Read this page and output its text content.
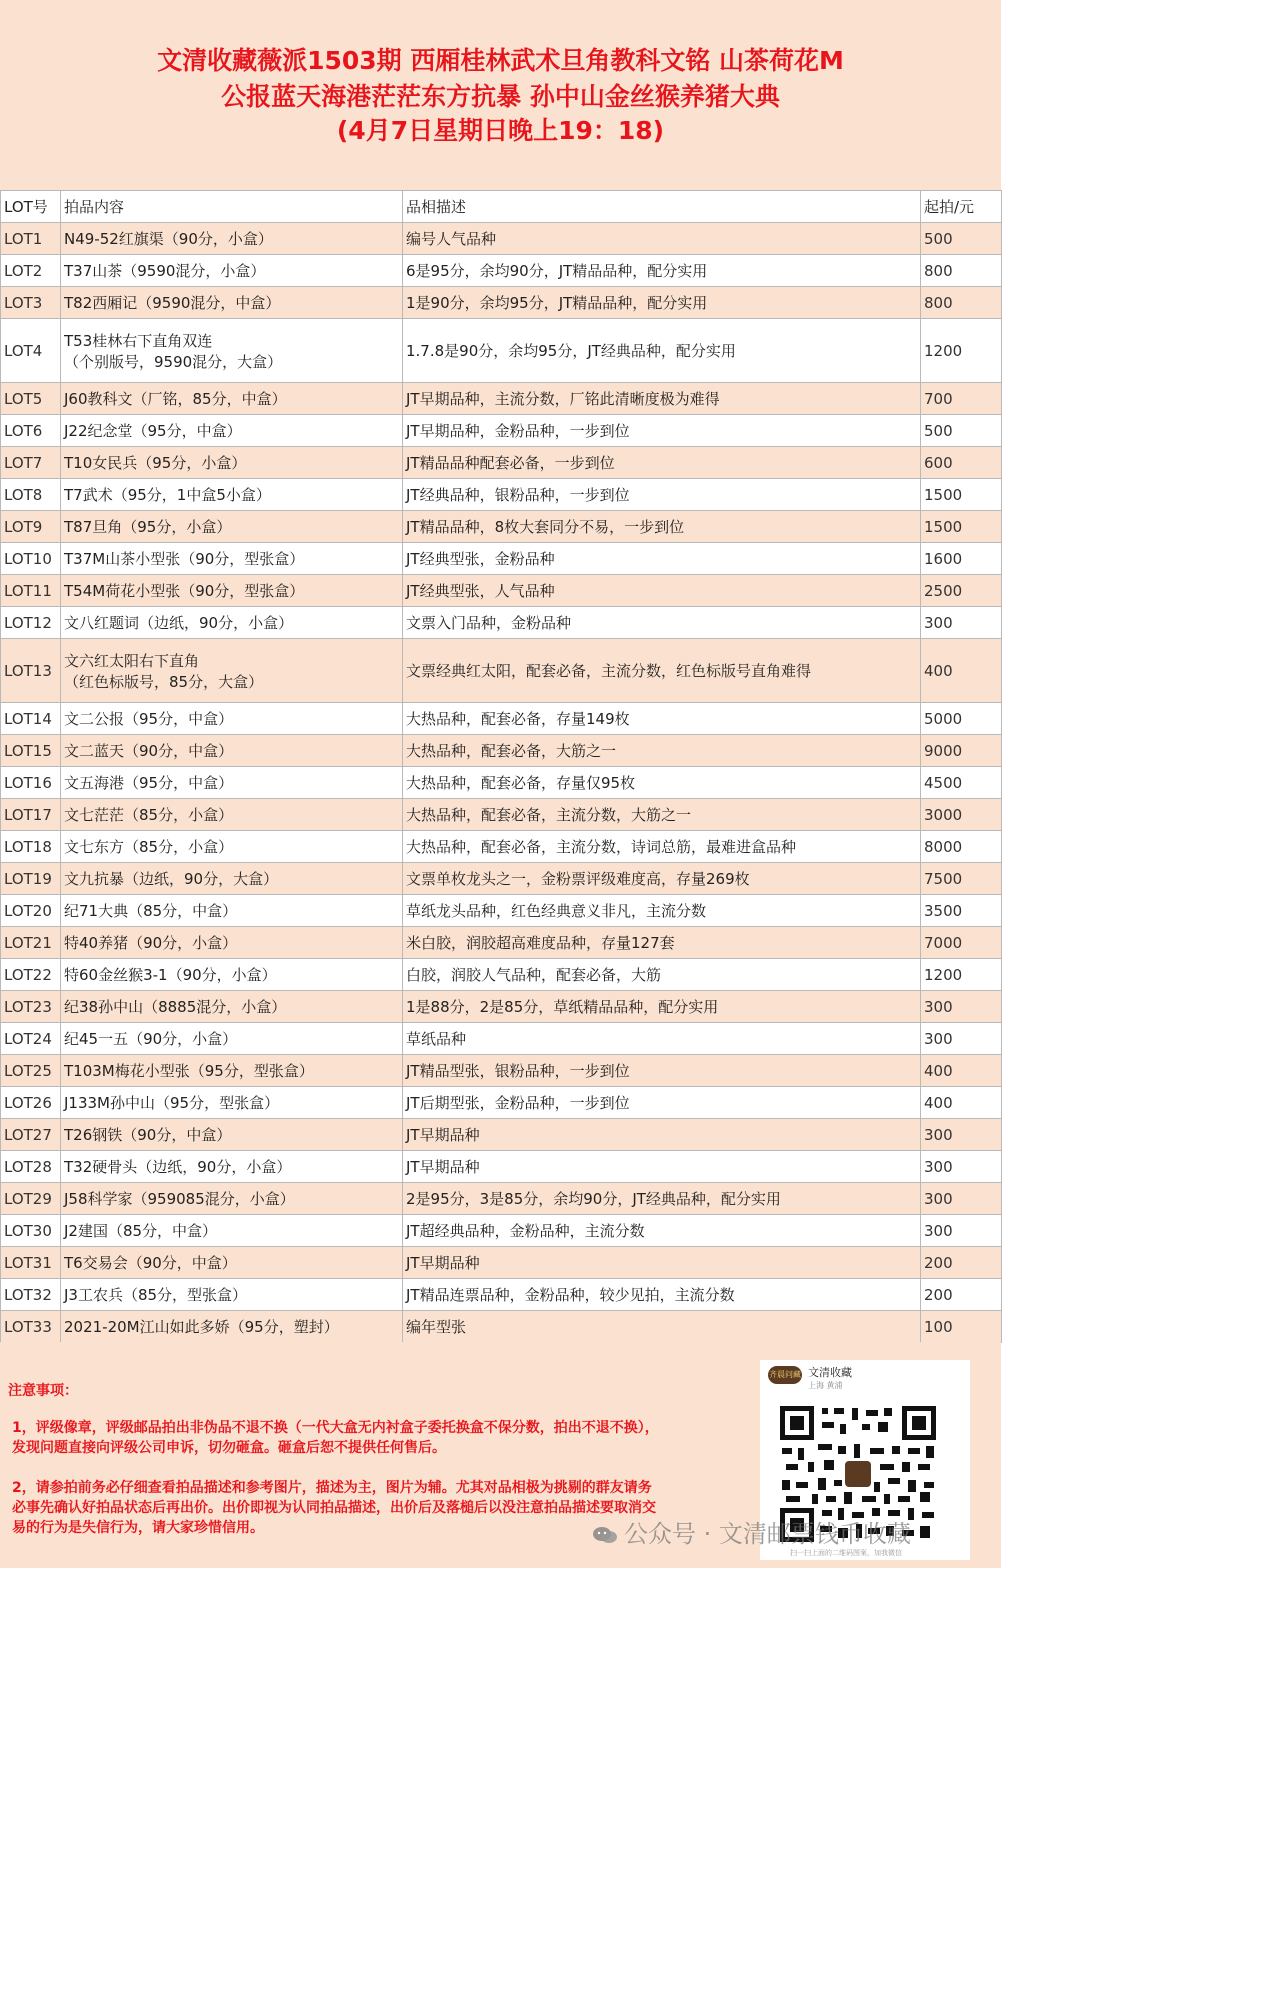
文清收藏薇派1503期 西厢桂林武术旦角教科文铭 山茶荷花M
公报蓝天海港茫茫东方抗暴 孙中山金丝猴养猪大典
(4月7日星期日晚上19：18)
LOT号	拍品内容	品相描述	起拍/元
LOT1	N49-52红旗渠（90分，小盒）	编号人气品种	500
LOT2	T37山茶（9590混分，小盒）	6是95分，余均90分，JT精品品种，配分实用	800
LOT3	T82西厢记（9590混分，中盒）	1是90分，余均95分，JT精品品种，配分实用	800
LOT4	T53桂林右下直角双连
（个别版号，9590混分，大盒）	1.7.8是90分，余均95分，JT经典品种，配分实用	1200
LOT5	J60教科文（厂铭，85分，中盒）	JT早期品种，主流分数，厂铭此清晰度极为难得	700
LOT6	J22纪念堂（95分，中盒）	JT早期品种，金粉品种，一步到位	500
LOT7	T10女民兵（95分，小盒）	JT精品品种配套必备，一步到位	600
LOT8	T7武术（95分，1中盒5小盒）	JT经典品种，银粉品种，一步到位	1500
LOT9	T87旦角（95分，小盒）	JT精品品种，8枚大套同分不易，一步到位	1500
LOT10	T37M山茶小型张（90分，型张盒）	JT经典型张，金粉品种	1600
LOT11	T54M荷花小型张（90分，型张盒）	JT经典型张，人气品种	2500
LOT12	文八红题词（边纸，90分，小盒）	文票入门品种，金粉品种	300
LOT13	文六红太阳右下直角
（红色标版号，85分，大盒）	文票经典红太阳，配套必备，主流分数，红色标版号直角难得	400
LOT14	文二公报（95分，中盒）	大热品种，配套必备，存量149枚	5000
LOT15	文二蓝天（90分，中盒）	大热品种，配套必备，大筋之一	9000
LOT16	文五海港（95分，中盒）	大热品种，配套必备，存量仅95枚	4500
LOT17	文七茫茫（85分，小盒）	大热品种，配套必备，主流分数，大筋之一	3000
LOT18	文七东方（85分，小盒）	大热品种，配套必备，主流分数，诗词总筋，最难进盒品种	8000
LOT19	文九抗暴（边纸，90分，大盒）	文票单枚龙头之一，金粉票评级难度高，存量269枚	7500
LOT20	纪71大典（85分，中盒）	草纸龙头品种，红色经典意义非凡，主流分数	3500
LOT21	特40养猪（90分，小盒）	米白胶，润胶超高难度品种，存量127套	7000
LOT22	特60金丝猴3-1（90分，小盒）	白胶，润胶人气品种，配套必备，大筋	1200
LOT23	纪38孙中山（8885混分，小盒）	1是88分，2是85分，草纸精品品种，配分实用	300
LOT24	纪45一五（90分，小盒）	草纸品种	300
LOT25	T103M梅花小型张（95分，型张盒）	JT精品型张，银粉品种，一步到位	400
LOT26	J133M孙中山（95分，型张盒）	JT后期型张，金粉品种，一步到位	400
LOT27	T26钢铁（90分，中盒）	JT早期品种	300
LOT28	T32硬骨头（边纸，90分，小盒）	JT早期品种	300
LOT29	J58科学家（959085混分，小盒）	2是95分，3是85分，余均90分，JT经典品种，配分实用	300
LOT30	J2建国（85分，中盒）	JT超经典品种，金粉品种，主流分数	300
LOT31	T6交易会（90分，中盒）	JT早期品种	200
LOT32	J3工农兵（85分，型张盒）	JT精品连票品种，金粉品种，较少见拍，主流分数	200
LOT33	2021-20M江山如此多娇（95分，塑封）	编年型张	100
注意事项：
1，评级像章，评级邮品拍出非伪品不退不换（一代大盒无内衬盒子委托换盒不保分数，拍出不退不换），发现问题直接向评级公司申诉，切勿砸盒。砸盒后恕不提供任何售后。
2，请参拍前务必仔细查看拍品描述和参考图片，描述为主，图片为辅。尤其对品相极为挑剔的群友请务必事先确认好拍品状态后再出价。出价即视为认同拍品描述，出价后及落槌后以没注意拍品描述要取消交易的行为是失信行为，请大家珍惜信用。
齐晨问藏 文清收藏
上海 黄浦
扫一扫上面的二维码图案，加我微信
公众号 · 文清邮票钱币收藏
